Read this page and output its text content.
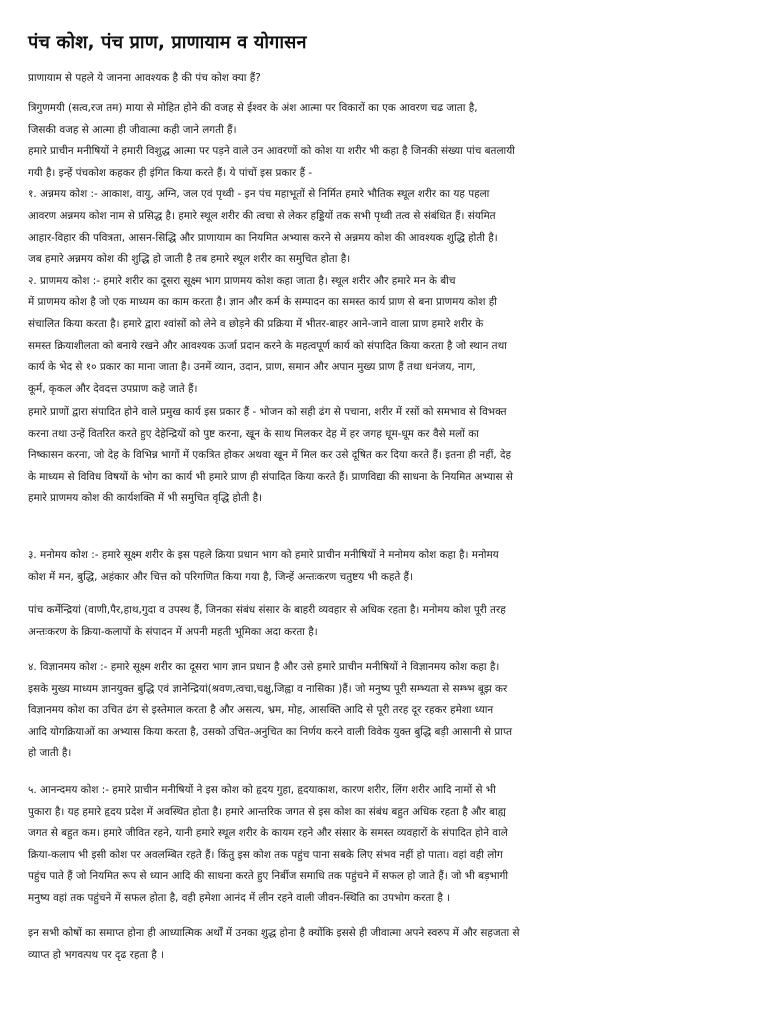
पंच कोश, पंच प्राण, प्राणायाम व योगासन
प्राणायाम से पहले ये जानना आवश्यक है की पंच कोश क्या हैं?
त्रिगुणमयी (सत्व,रज तम) माया से मोहित होने की वजह से ईश्वर के अंश आत्मा पर विकारों का एक आवरण चढ जाता है,
जिसकी वजह से आत्मा ही जीवात्मा कही जाने लगती हैं।
हमारे प्राचीन मनीषियों ने हमारी विशुद्ध आत्मा पर पड़ने वाले उन आवरणों को कोश या शरीर भी कहा है जिनकी संख्या पांच बतलायी
गयी है। इन्हें पंचकोश कहकर ही इंगित किया करते हैं। ये पांचों इस प्रकार हैं -
१. अन्नमय कोश :- आकाश, वायु, अग्नि, जल एवं पृथ्वी - इन पंच महाभूतों से निर्मित हमारे भौतिक स्थूल शरीर का यह पहला
आवरण अन्नमय कोश नाम से प्रसिद्ध है। हमारे स्थूल शरीर की त्वचा से लेकर हड्डियों तक सभी पृथ्वी तत्व से संबंधित हैं। संयमित
आहार-विहार की पवित्रता, आसन-सिद्धि और प्राणायाम का नियमित अभ्यास करने से अन्नमय कोश की आवश्यक शुद्धि होती है।
जब हमारे अन्नमय कोश की शुद्धि हो जाती है तब हमारे स्थूल शरीर का समुचित होता है।
२. प्राणमय कोश :- हमारे शरीर का दूसरा सूक्ष्म भाग प्राणमय कोश कहा जाता है। स्थूल शरीर और हमारे मन के बीच
में प्राणमय कोश है जो एक माध्यम का काम करता है। ज्ञान और कर्म के सम्पादन का समस्त कार्य प्राण से बना प्राणमय कोश ही
संचालित किया करता है। हमारे द्वारा श्वांसों को लेने व छोड़ने की प्रक्रिया में भीतर-बाहर आने-जाने वाला प्राण हमारे शरीर के
समस्त क्रियाशीलता को बनाये रखने और आवश्यक ऊर्जा प्रदान करने के महत्वपूर्ण कार्य को संपादित किया करता है जो स्थान तथा
कार्य के भेद से १० प्रकार का माना जाता है। उनमें व्यान, उदान, प्राण, समान और अपान मुख्य प्राण हैं तथा धनंजय, नाग,
कूर्म, कृकल और देवदत्त उपप्राण कहे जाते हैं।
हमारे प्राणों द्वारा संपादित होने वाले प्रमुख कार्य इस प्रकार हैं - भोजन को सही ढंग से पचाना, शरीर में रसों को समभाव से विभक्त
करना तथा उन्हें वितरित करते हुए देहेन्द्रियों को पुष्ट करना, खून के साथ मिलकर देह में हर जगह धूम-धूम कर वैसे मलों का
निष्कासन करना, जो देह के विभिन्न भागों में एकत्रित होकर अथवा खून में मिल कर उसे दूषित कर दिया करते हैं। इतना ही नहीं, देह
के माध्यम से विविध विषयों के भोग का कार्य भी हमारे प्राण ही संपादित किया करते हैं। प्राणविद्या की साधना के नियमित अभ्यास से
हमारे प्राणमय कोश की कार्यशक्ति में भी समुचित वृद्धि होती है।
३. मनोमय कोश :- हमारे सूक्ष्म शरीर के इस पहले क्रिया प्रधान भाग को हमारे प्राचीन मनीषियों ने मनोमय कोश कहा है। मनोमय
कोश में मन, बुद्धि, अहंकार और चित्त को परिगणित किया गया है, जिन्हें अन्तःकरण चतुष्टय भी कहते हैं।
पांच कर्मेन्द्रियां (वाणी,पैर,हाथ,गुदा व उपस्थ हैं, जिनका संबंध संसार के बाहरी व्यवहार से अधिक रहता है। मनोमय कोश पूरी तरह
अन्तःकरण के क्रिया-कलापों के संपादन में अपनी महती भूमिका अदा करता है।
४. विज्ञानमय कोश :- हमारे सूक्ष्म शरीर का दूसरा भाग ज्ञान प्रधान है और उसे हमारे प्राचीन मनीषियों ने विज्ञानमय कोश कहा है।
इसके मुख्य माध्यम ज्ञानयुक्त बुद्धि एवं ज्ञानेन्द्रियां(श्रवण,त्वचा,चक्षु,जिह्वा व नासिका )हैं। जो मनुष्य पूरी सम्भ्यता से सम्भ्भ बूझ कर
विज्ञानमय कोश का उचित ढंग से इस्तेमाल करता है और असत्य, भ्रम, मोह, आसक्ति आदि से पूरी तरह दूर रहकर हमेशा ध्यान
आदि योगक्रियाओं का अभ्यास किया करता है, उसको उचित-अनुचित का निर्णय करने वाली विवेक युक्त बुद्धि बड़ी आसानी से प्राप्त
हो जाती है।
५. आनन्दमय कोश :- हमारे प्राचीन मनीषियों ने इस कोश को हृदय गुहा, हृदयाकाश, कारण शरीर, लिंग शरीर आदि नामों से भी
पुकारा है। यह हमारे हृदय प्रदेश में अवस्थित होता है। हमारे आन्तरिक जगत से इस कोश का संबंध बहुत अधिक रहता है और बाह्य
जगत से बहुत कम। हमारे जीवित रहने, यानी हमारे स्थूल शरीर के कायम रहने और संसार के समस्त व्यवहारों के संपादित होने वाले
क्रिया-कलाप भी इसी कोश पर अवलम्बित रहते हैं। किंतु इस कोश तक पहुंच पाना सबके लिए संभव नहीं हो पाता। वहां वही लोग
पहुंच पाते हैं जो नियमित रूप से ध्यान आदि की साधना करते हुए निर्बीज समाधि तक पहुंचने में सफल हो जाते हैं। जो भी बड़भागी
मनुष्य वहां तक पहुंचने में सफल होता है, वही हमेशा आनंद में लीन रहने वाली जीवन-स्थिति का उपभोग करता है ।
इन सभी कोषों का समाप्त होना ही आध्यात्मिक अर्थों में उनका शुद्ध होना है क्योंकि इससे ही जीवात्मा अपने स्वरुप में और सहजता से
व्याप्त हो भगवत्पथ पर दृढ रहता है ।
